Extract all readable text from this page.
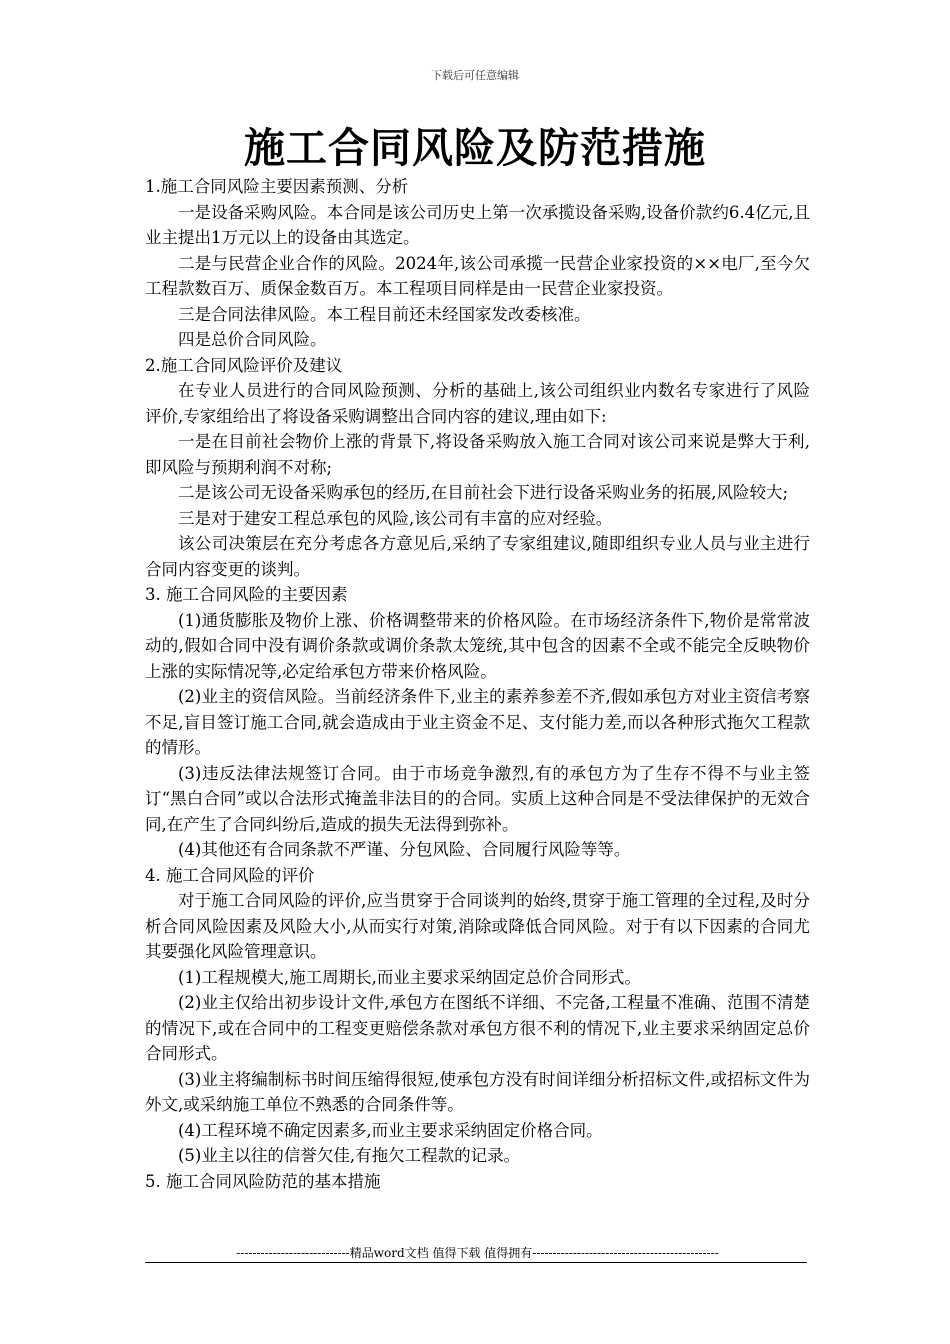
下载后可任意编辑
施工合同风险及防范措施

1.施工合同风险主要因素预测、分析

一是设备采购风险。本合同是该公司历史上第一次承揽设备采购,设备价款约6.4亿元,且业主提出1万元以上的设备由其选定。

二是与民营企业合作的风险。2024年,该公司承揽一民营企业家投资的××电厂,至今欠工程款数百万、质保金数百万。本工程项目同样是由一民营企业家投资。

三是合同法律风险。本工程目前还未经国家发改委核准。

四是总价合同风险。

2.施工合同风险评价及建议

在专业人员进行的合同风险预测、分析的基础上,该公司组织业内数名专家进行了风险评价,专家组给出了将设备采购调整出合同内容的建议,理由如下:

一是在目前社会物价上涨的背景下,将设备采购放入施工合同对该公司来说是弊大于利,即风险与预期利润不对称;

二是该公司无设备采购承包的经历,在目前社会下进行设备采购业务的拓展,风险较大;

三是对于建安工程总承包的风险,该公司有丰富的应对经验。

该公司决策层在充分考虑各方意见后,采纳了专家组建议,随即组织专业人员与业主进行合同内容变更的谈判。

3. 施工合同风险的主要因素

(1)通货膨胀及物价上涨、价格调整带来的价格风险。在市场经济条件下,物价是常常波动的,假如合同中没有调价条款或调价条款太笼统,其中包含的因素不全或不能完全反映物价上涨的实际情况等,必定给承包方带来价格风险。

(2)业主的资信风险。当前经济条件下,业主的素养参差不齐,假如承包方对业主资信考察不足,盲目签订施工合同,就会造成由于业主资金不足、支付能力差,而以各种形式拖欠工程款的情形。

(3)违反法律法规签订合同。由于市场竞争激烈,有的承包方为了生存不得不与业主签订“黑白合同”或以合法形式掩盖非法目的的合同。实质上这种合同是不受法律保护的无效合同,在产生了合同纠纷后,造成的损失无法得到弥补。

(4)其他还有合同条款不严谨、分包风险、合同履行风险等等。

4. 施工合同风险的评价

对于施工合同风险的评价,应当贯穿于合同谈判的始终,贯穿于施工管理的全过程,及时分析合同风险因素及风险大小,从而实行对策,消除或降低合同风险。对于有以下因素的合同尤其要强化风险管理意识。

(1)工程规模大,施工周期长,而业主要求采纳固定总价合同形式。

(2)业主仅给出初步设计文件,承包方在图纸不详细、不完备,工程量不准确、范围不清楚的情况下,或在合同中的工程变更赔偿条款对承包方很不利的情况下,业主要求采纳固定总价合同形式。

(3)业主将编制标书时间压缩得很短,使承包方没有时间详细分析招标文件,或招标文件为外文,或采纳施工单位不熟悉的合同条件等。

(4)工程环境不确定因素多,而业主要求采纳固定价格合同。

(5)业主以往的信誉欠佳,有拖欠工程款的记录。

5. 施工合同风险防范的基本措施

----------------------------精品word文档 值得下载 值得拥有----------------------------------------------
